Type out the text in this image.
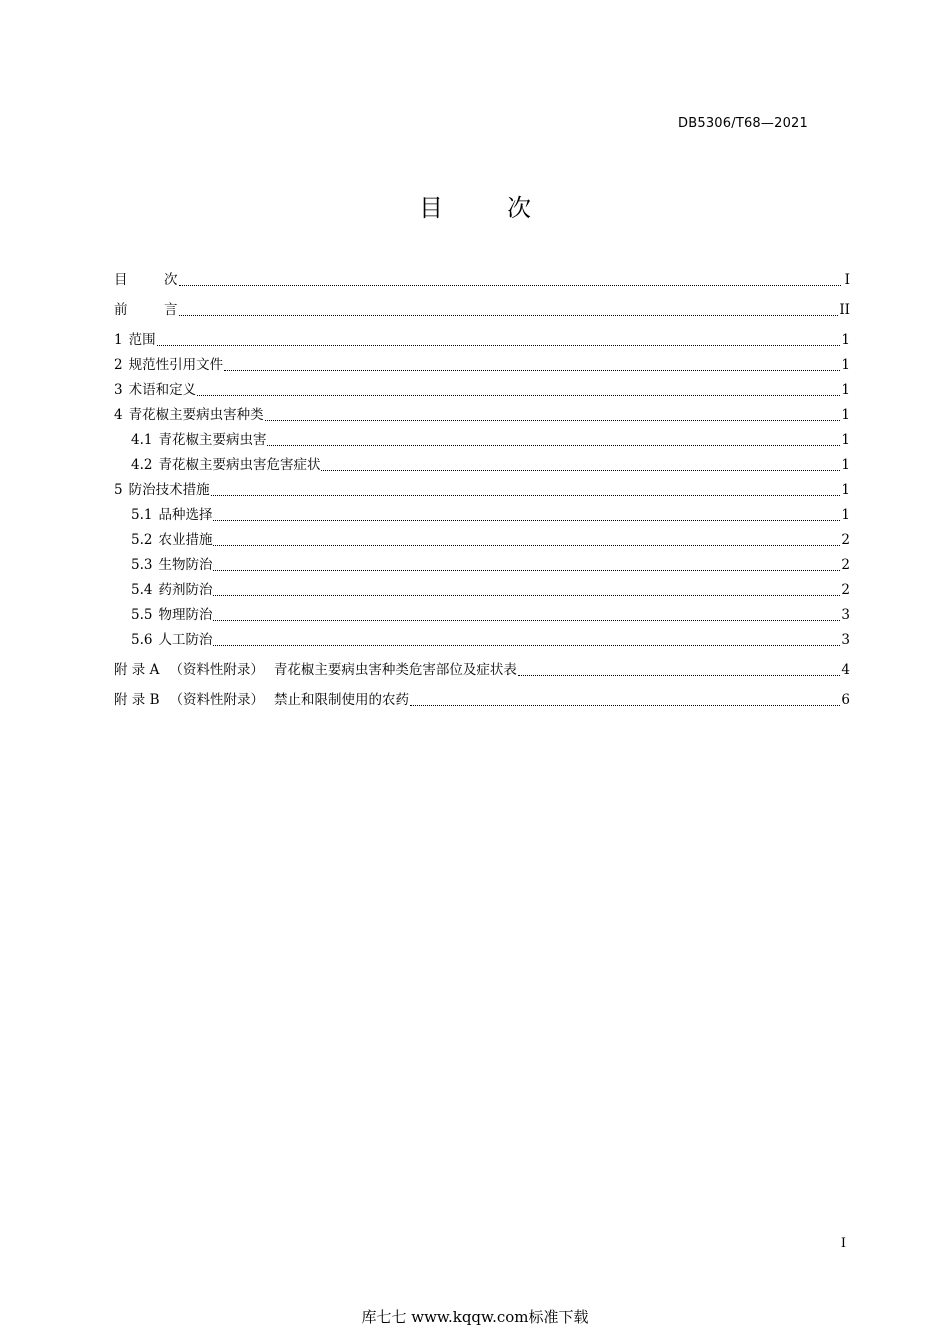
DB5306/T68—2021
目	次
目	次	I
前	言	II
1 范围	1
2 规范性引用文件	1
3 术语和定义	1
4 青花椒主要病虫害种类	1
4.1 青花椒主要病虫害	1
4.2 青花椒主要病虫害危害症状	1
5 防治技术措施	1
5.1 品种选择	1
5.2 农业措施	2
5.3 生物防治	2
5.4 药剂防治	2
5.5 物理防治	3
5.6 人工防治	3
附 录 A （资料性附录） 青花椒主要病虫害种类危害部位及症状表	4
附 录 B （资料性附录） 禁止和限制使用的农药	6
I
库七七 www.kqqw.com标准下载
